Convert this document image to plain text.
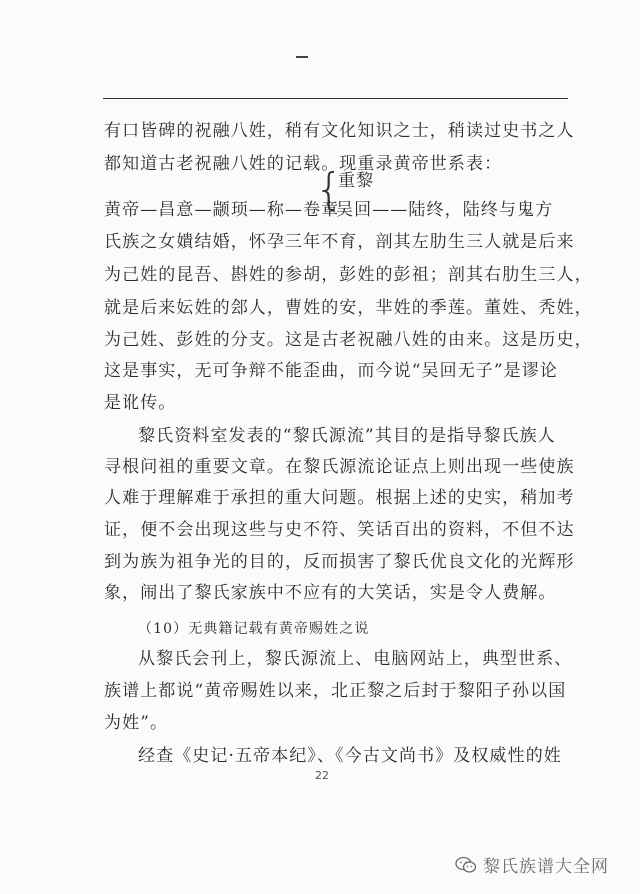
有口皆碑的祝融八姓，稍有文化知识之士，稍读过史书之人
都知道古老祝融八姓的记载。现重录黄帝世系表：
重黎
{
黄帝—昌意—颛顼—称—卷章
吴回——陆终，陆终与鬼方
氏族之女嬇结婚，怀孕三年不育，剖其左肋生三人就是后来
为己姓的昆吾、斟姓的参胡，彭姓的彭祖；剖其右肋生三人，
就是后来妘姓的郐人，曹姓的安，芈姓的季莲。董姓、秃姓，
为己姓、彭姓的分支。这是古老祝融八姓的由来。这是历史，
这是事实，无可争辩不能歪曲，而今说“吴回无子”是谬论
是讹传。
黎氏资料室发表的“黎氏源流”其目的是指导黎氏族人
寻根问祖的重要文章。在黎氏源流论证点上则出现一些使族
人难于理解难于承担的重大问题。根据上述的史实，稍加考
证，便不会出现这些与史不符、笑话百出的资料，不但不达
到为族为祖争光的目的，反而损害了黎氏优良文化的光辉形
象，闹出了黎氏家族中不应有的大笑话，实是令人费解。
（10）无典籍记载有黄帝赐姓之说
从黎氏会刊上，黎氏源流上、电脑网站上，典型世系、
族谱上都说“黄帝赐姓以来，北正黎之后封于黎阳子孙以国
为姓”。
经查《史记·五帝本纪》、《今古文尚书》及权威性的姓
22
黎氏族谱大全网
